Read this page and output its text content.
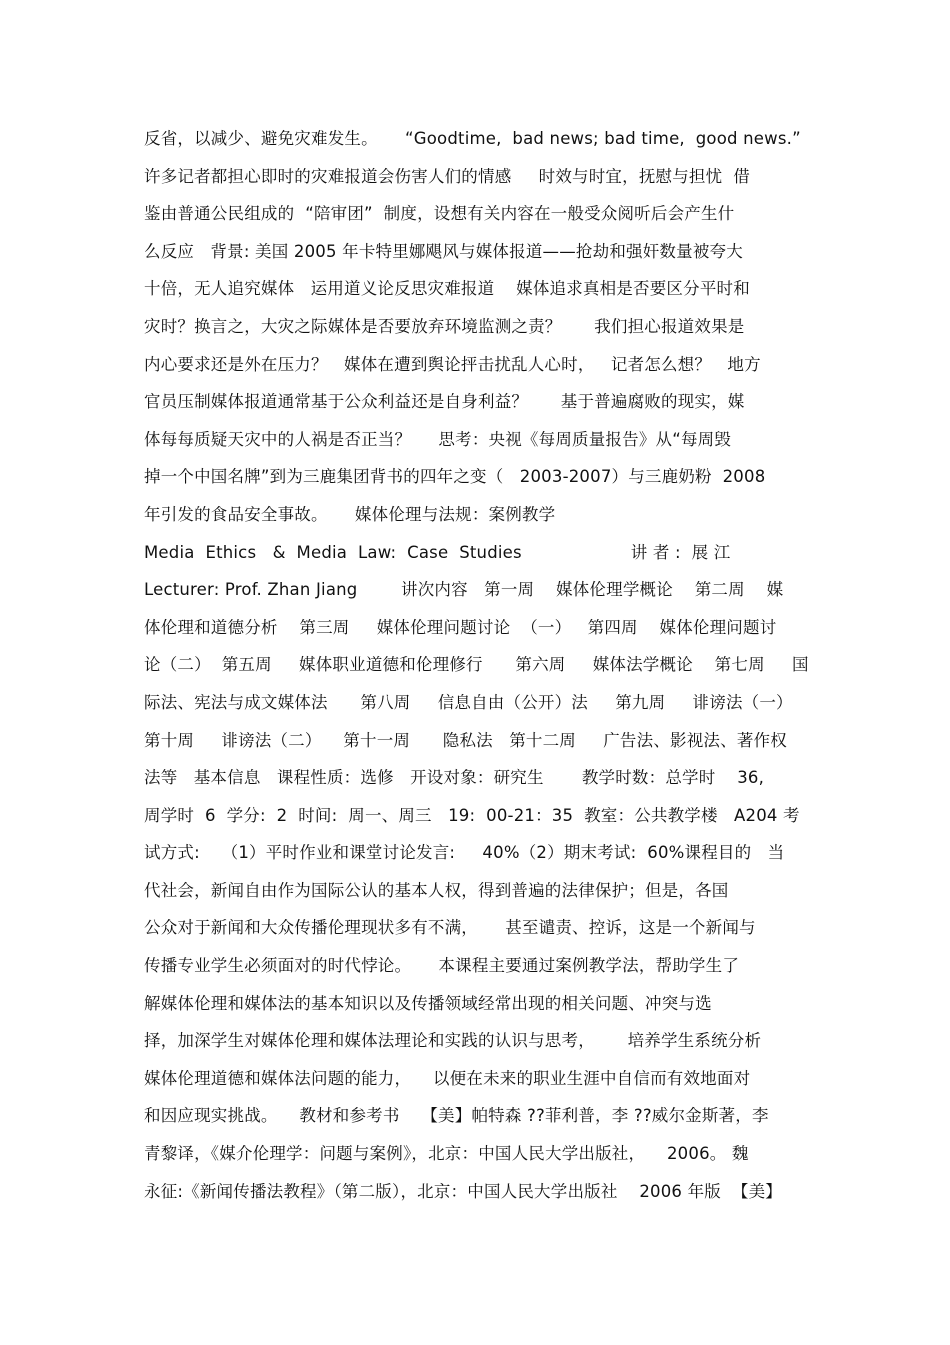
反省，以减少、避免灾难发生。     “Goodtime,  bad news; bad time,  good news.”
许多记者都担心即时的灾难报道会伤害人们的情感     时效与时宜，抚慰与担忧  借
鉴由普通公民组成的  “陪审团”  制度，设想有关内容在一般受众阅听后会产生什
么反应   背景: 美国 2005 年卡特里娜飓风与媒体报道——抢劫和强奸数量被夸大
十倍，无人追究媒体   运用道义论反思灾难报道    媒体追求真相是否要区分平时和
灾时？换言之，大灾之际媒体是否要放弃环境监测之责？      我们担心报道效果是
内心要求还是外在压力？   媒体在遭到舆论抨击扰乱人心时，   记者怎么想？   地方
官员压制媒体报道通常基于公众利益还是自身利益？      基于普遍腐败的现实，媒
体每每质疑天灾中的人祸是否正当？     思考：央视《每周质量报告》从“每周毁
掉一个中国名牌”到为三鹿集团背书的四年之变（   2003-2007）与三鹿奶粉  2008
年引发的食品安全事故。     媒体伦理与法规：案例教学
Media  Ethics   &  Media  Law:  Case  Studies                    讲 者 :  展 江
Lecturer: Prof. Zhan Jiang        讲次内容   第一周    媒体伦理学概论    第二周    媒
体伦理和道德分析    第三周     媒体伦理问题讨论  （一）   第四周    媒体伦理问题讨
论（二）  第五周     媒体职业道德和伦理修行      第六周     媒体法学概论    第七周     国
际法、宪法与成文媒体法      第八周     信息自由（公开）法     第九周     诽谤法（一）
第十周     诽谤法（二）    第十一周      隐私法   第十二周     广告法、影视法、著作权
法等   基本信息   课程性质：选修   开设对象：研究生       教学时数：总学时    36,
周学时  6  学分:  2  时间:  周一、周三   19:  00-21：35  教室：公共教学楼   A204 考
试方式:    （1）平时作业和课堂讨论发言:     40%（2）期末考试:  60%课程目的   当
代社会，新闻自由作为国际公认的基本人权，得到普遍的法律保护；但是，各国
公众对于新闻和大众传播伦理现状多有不满，     甚至谴责、控诉，这是一个新闻与
传播专业学生必须面对的时代悖论。     本课程主要通过案例教学法，帮助学生了
解媒体伦理和媒体法的基本知识以及传播领域经常出现的相关问题、冲突与选
择，加深学生对媒体伦理和媒体法理论和实践的认识与思考，      培养学生系统分析
媒体伦理道德和媒体法问题的能力，    以便在未来的职业生涯中自信而有效地面对
和因应现实挑战。    教材和参考书    【美】帕特森 ??菲利普，李 ??威尔金斯著，李
青黎译，《媒介伦理学：问题与案例》，北京：中国人民大学出版社，    2006。 魏
永征:《新闻传播法教程》（第二版），北京：中国人民大学出版社    2006 年版  【美】
